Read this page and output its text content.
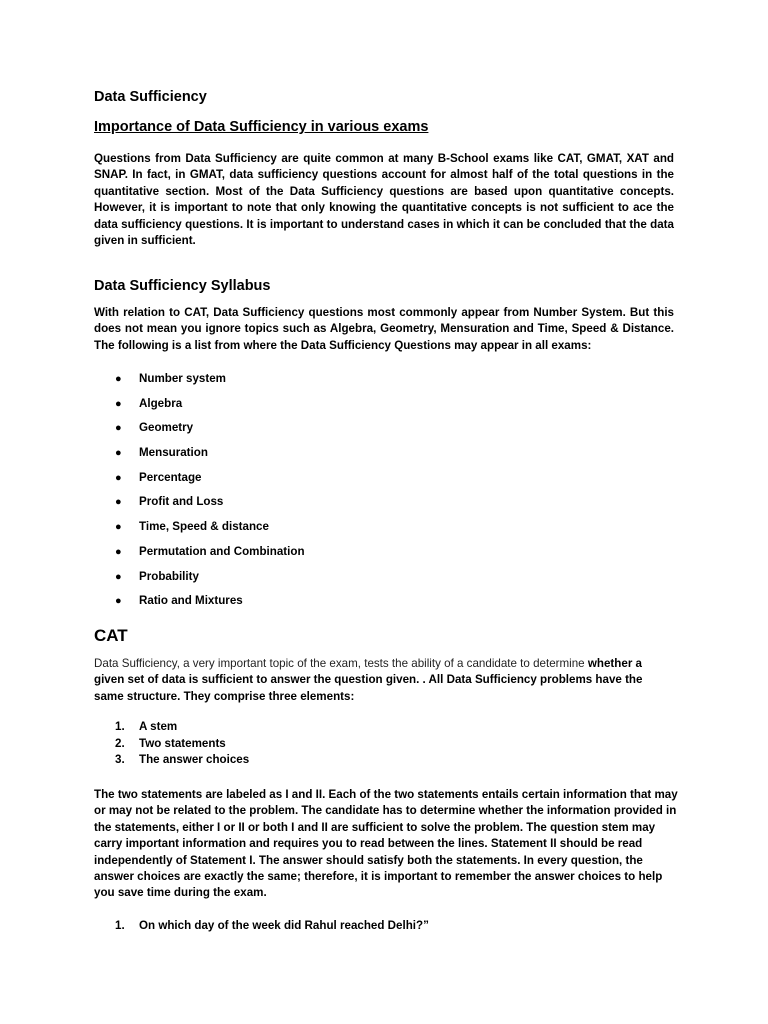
Data Sufficiency

Importance of Data Sufficiency in various exams

Questions from Data Sufficiency are quite common at many B-School exams like CAT, GMAT, XAT and SNAP. In fact, in GMAT, data sufficiency questions account for almost half of the total questions in the quantitative section. Most of the Data Sufficiency questions are based upon quantitative concepts. However, it is important to note that only knowing the quantitative concepts is not sufficient to ace the data sufficiency questions. It is important to understand cases in which it can be concluded that the data given in sufficient.

Data Sufficiency Syllabus

With relation to CAT, Data Sufficiency questions most commonly appear from Number System. But this does not mean you ignore topics such as Algebra, Geometry, Mensuration and Time, Speed & Distance. The following is a list from where the Data Sufficiency Questions may appear in all exams:

● Number system
● Algebra
● Geometry
● Mensuration
● Percentage
● Profit and Loss
● Time, Speed & distance
● Permutation and Combination
● Probability
● Ratio and Mixtures

CAT

Data Sufficiency, a very important topic of the exam, tests the ability of a candidate to determine whether a given set of data is sufficient to answer the question given. . All Data Sufficiency problems have the same structure. They comprise three elements:

1. A stem
2. Two statements
3. The answer choices

The two statements are labeled as I and II. Each of the two statements entails certain information that may or may not be related to the problem. The candidate has to determine whether the information provided in the statements, either I or II or both I and II are sufficient to solve the problem. The question stem may carry important information and requires you to read between the lines. Statement II should be read independently of Statement I. The answer should satisfy both the statements. In every question, the answer choices are exactly the same; therefore, it is important to remember the answer choices to help you save time during the exam.

1. On which day of the week did Rahul reached Delhi?”
